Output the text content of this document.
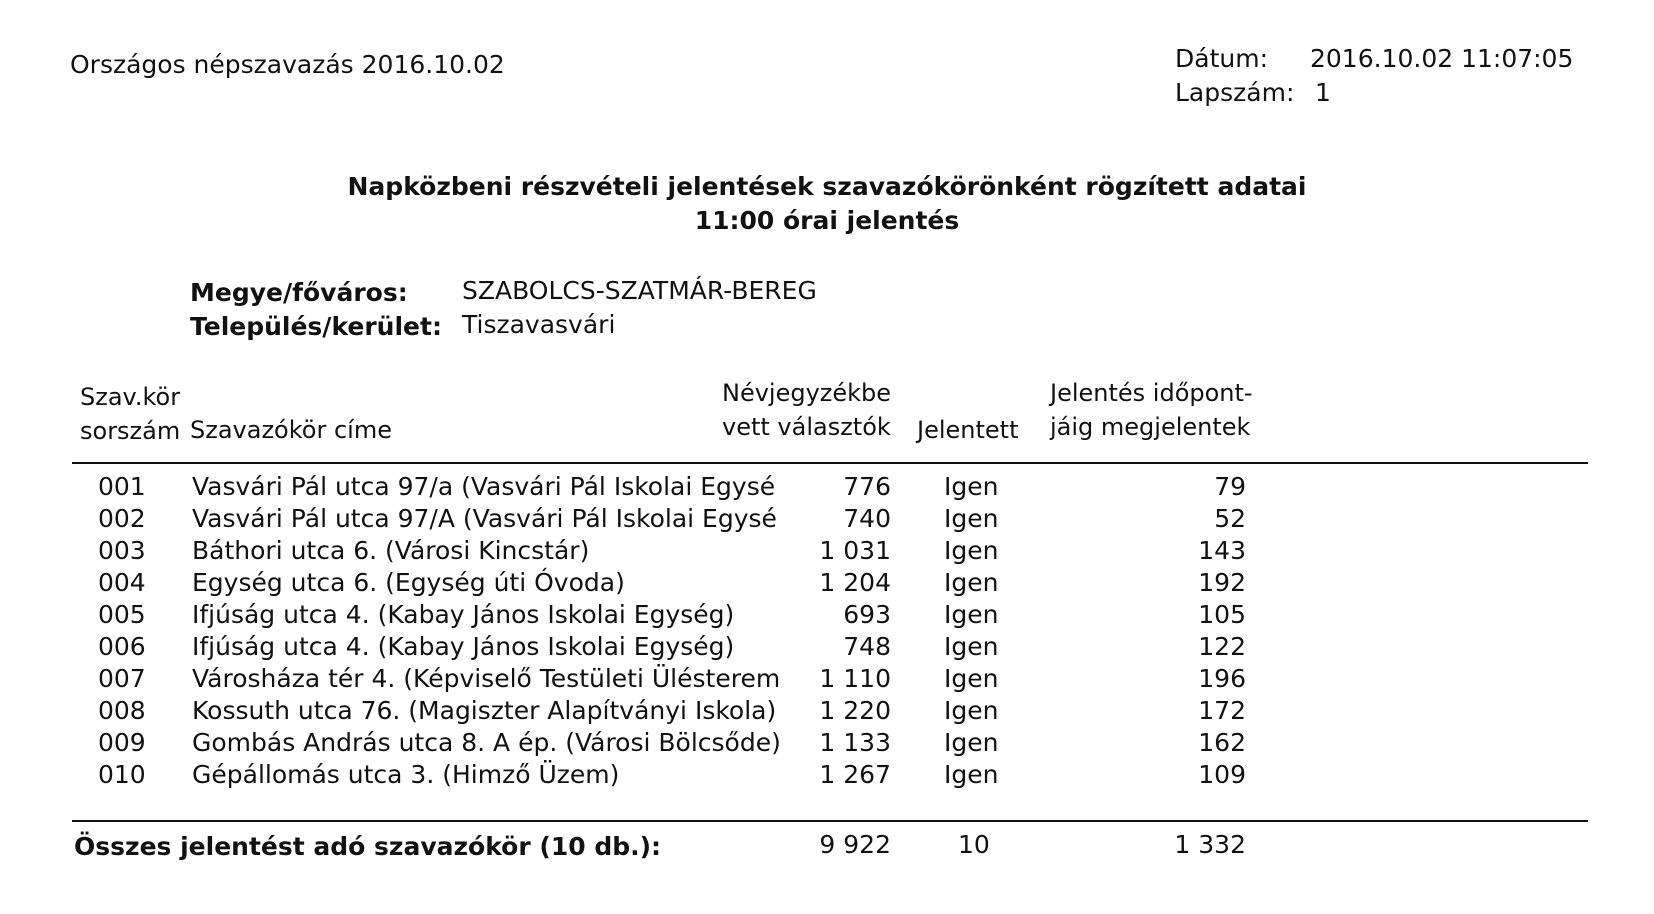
Országos népszavazás 2016.10.02	Dátum: 2016.10.02 11:07:05
Lapszám: 1
Napközbeni részvételi jelentések szavazókörönként rögzített adatai
11:00 órai jelentés
Megye/főváros: SZABOLCS-SZATMÁR-BEREG
Település/kerület: Tiszavasvári
Szav.kör
sorszám Szavazókör címe
Névjegyzékbe
vett választók Jelentett
Jelentés időpont-
jáig megjelentek
001 Vasvári Pál utca 97/a (Vasvári Pál Iskolai Egysé	776 Igen	79
002 Vasvári Pál utca 97/A (Vasvári Pál Iskolai Egysé	740 Igen	52
003 Báthori utca 6. (Városi Kincstár)	1 031 Igen	143
004 Egység utca 6. (Egység úti Óvoda)	1 204 Igen	192
005 Ifjúság utca 4. (Kabay János Iskolai Egység)	693 Igen	105
006 Ifjúság utca 4. (Kabay János Iskolai Egység)	748 Igen	122
007 Városháza tér 4. (Képviselő Testületi Ülésterem 1 110 Igen	196
008 Kossuth utca 76. (Magiszter Alapítványi Iskola) 1 220 Igen	172
009 Gombás András utca 8. A ép. (Városi Bölcsőde) 1 133 Igen	162
010 Gépállomás utca 3. (Himző Üzem)	1 267 Igen	109
Összes jelentést adó szavazókör (10 db.):	9 922	10	1 332
